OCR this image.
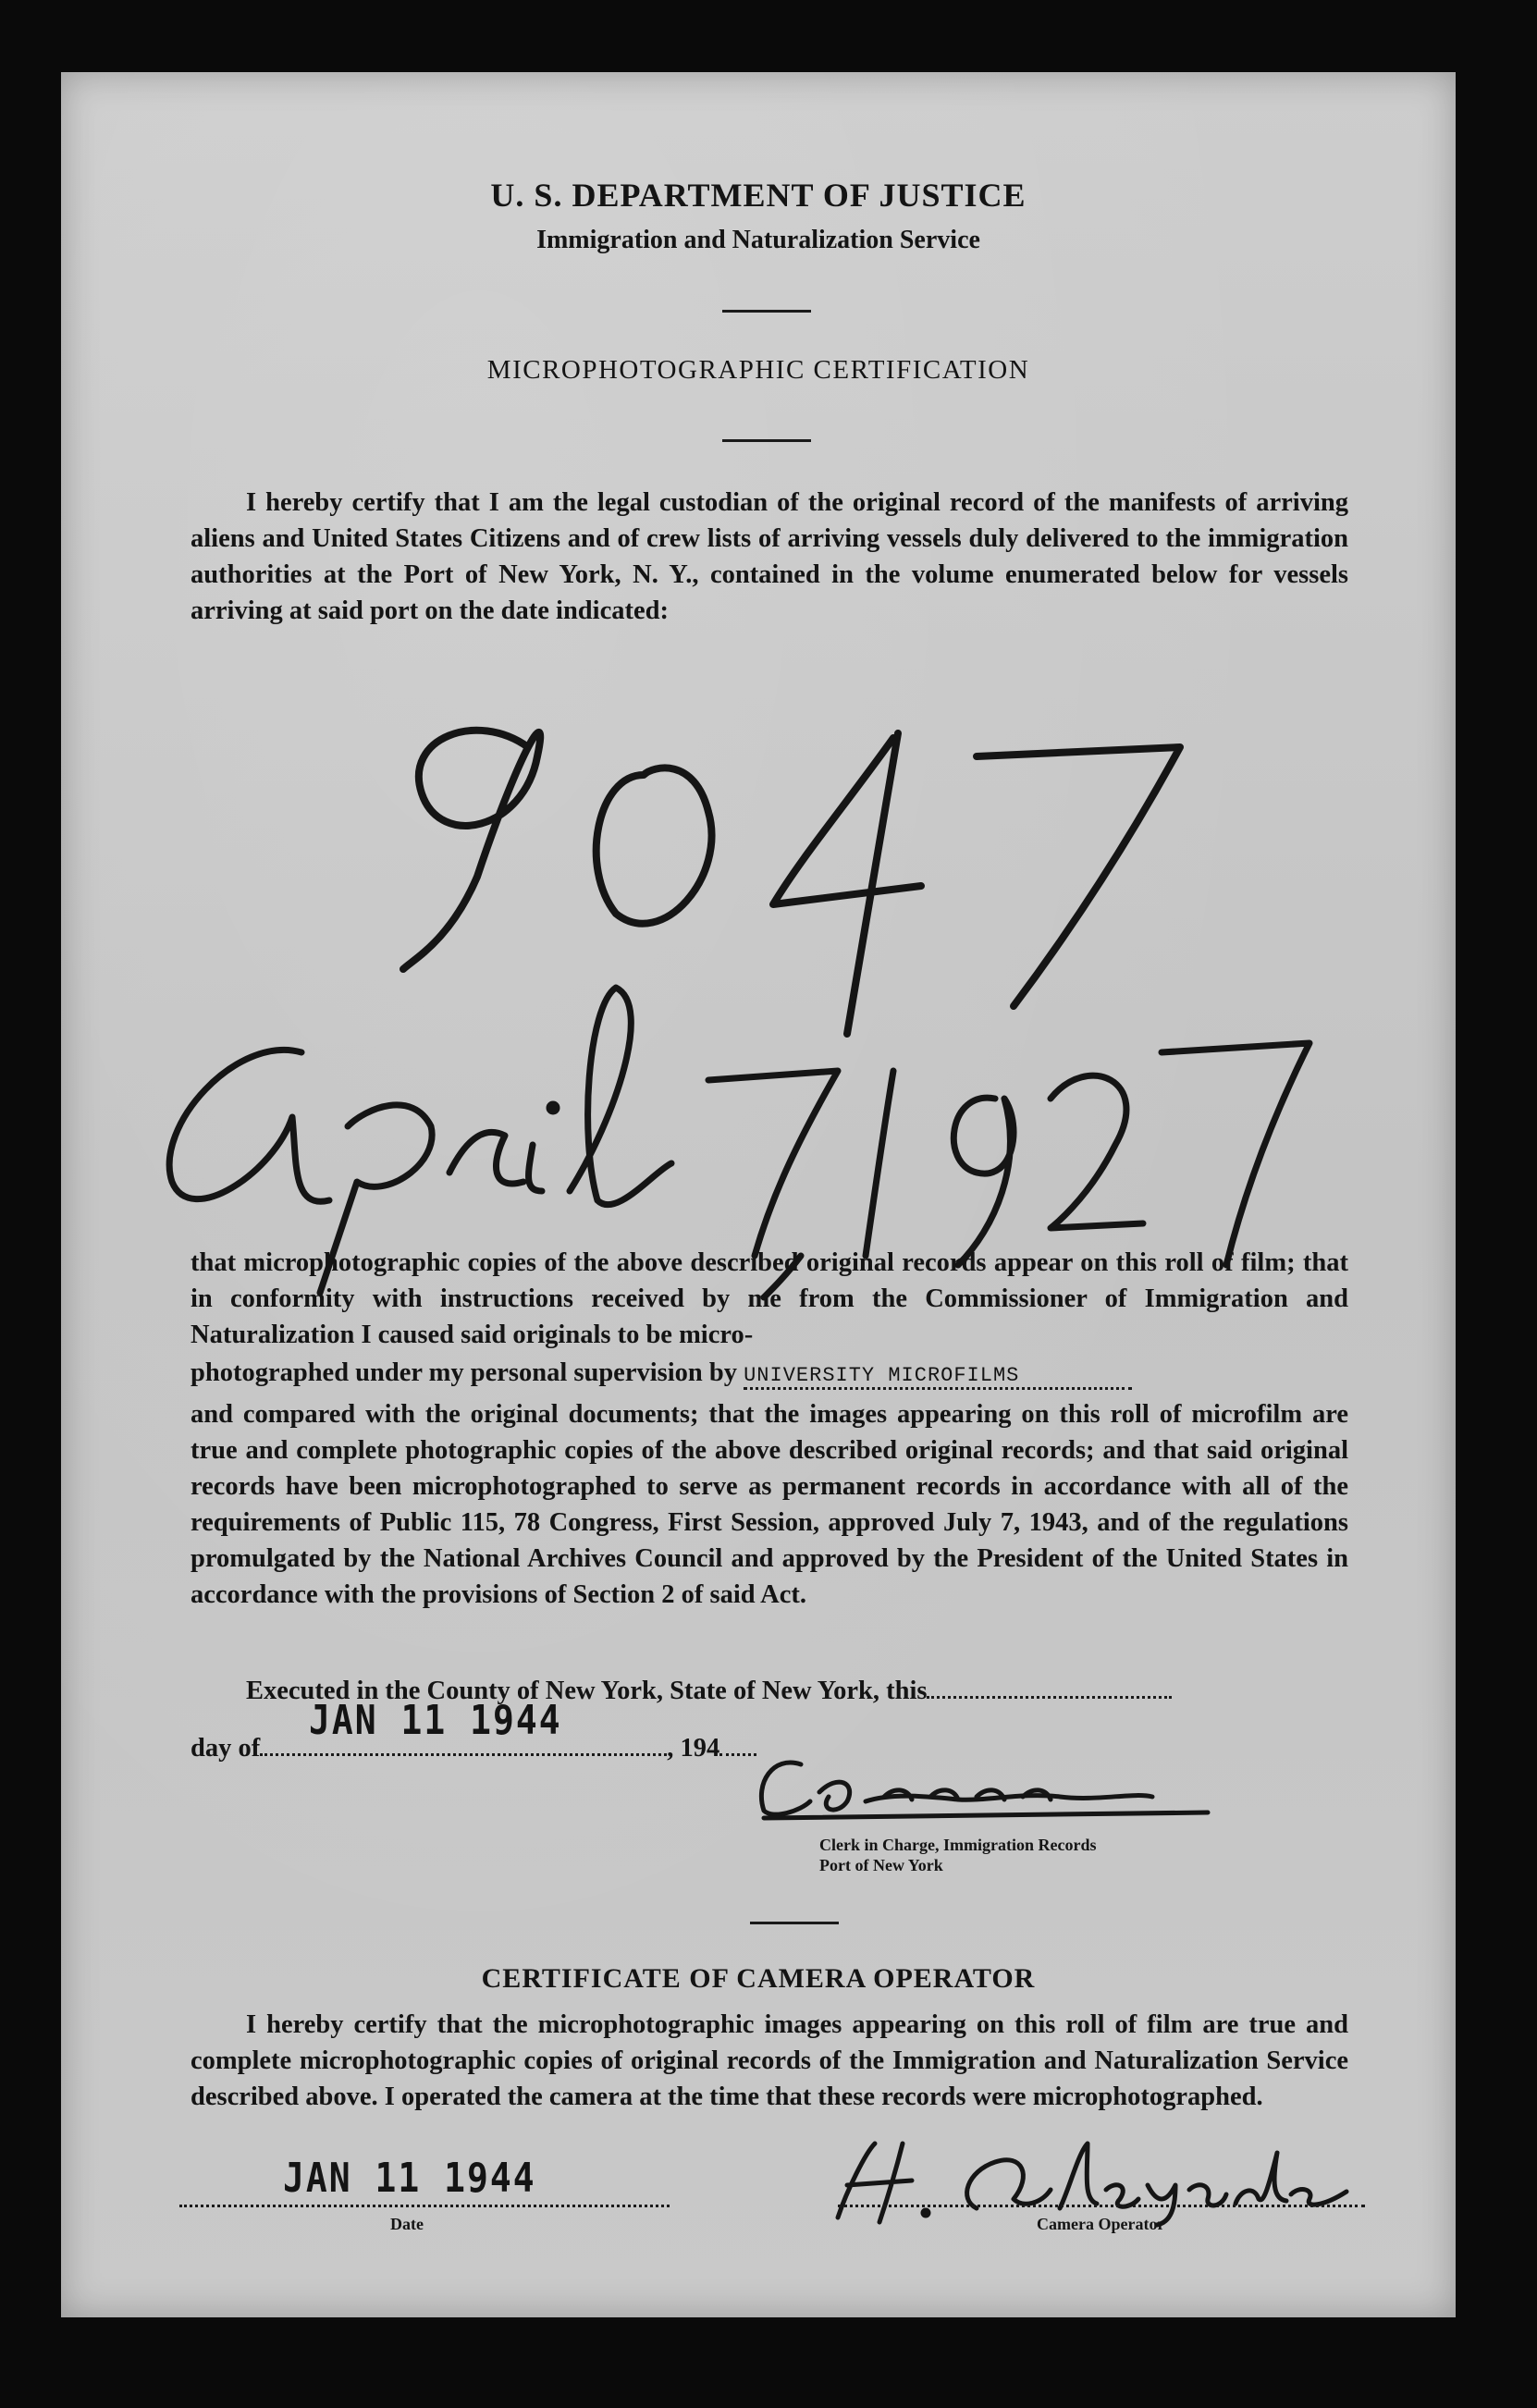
U. S. DEPARTMENT OF JUSTICE
Immigration and Naturalization Service
MICROPHOTOGRAPHIC CERTIFICATION

I hereby certify that I am the legal custodian of the original record of the manifests of arriving aliens and United States Citizens and of crew lists of arriving vessels duly delivered to the immigration authorities at the Port of New York, N. Y., contained in the volume enumerated below for vessels arriving at said port on the date indicated:

that microphotographic copies of the above described original records appear on this roll of film; that in conformity with instructions received by me from the Commissioner of Immigration and Naturalization I caused said originals to be micro-

photographed under my personal supervision by UNIVERSITY MICROFILMS

and compared with the original documents; that the images appearing on this roll of microfilm are true and complete photographic copies of the above described original records; and that said original records have been microphotographed to serve as permanent records in accordance with all of the requirements of Public 115, 78 Congress, First Session, approved July 7, 1943, and of the regulations promulgated by the National Archives Council and approved by the President of the United States in accordance with the provisions of Section 2 of said Act.

Executed in the County of New York, State of New York, this
day of	, 194
JAN 11 1944
Clerk in Charge, Immigration Records
Port of New York
CERTIFICATE OF CAMERA OPERATOR

I hereby certify that the microphotographic images appearing on this roll of film are true and complete microphotographic copies of original records of the Immigration and Naturalization Service described above. I operated the camera at the time that these records were microphotographed.

JAN 11 1944
Date	Camera Operator
